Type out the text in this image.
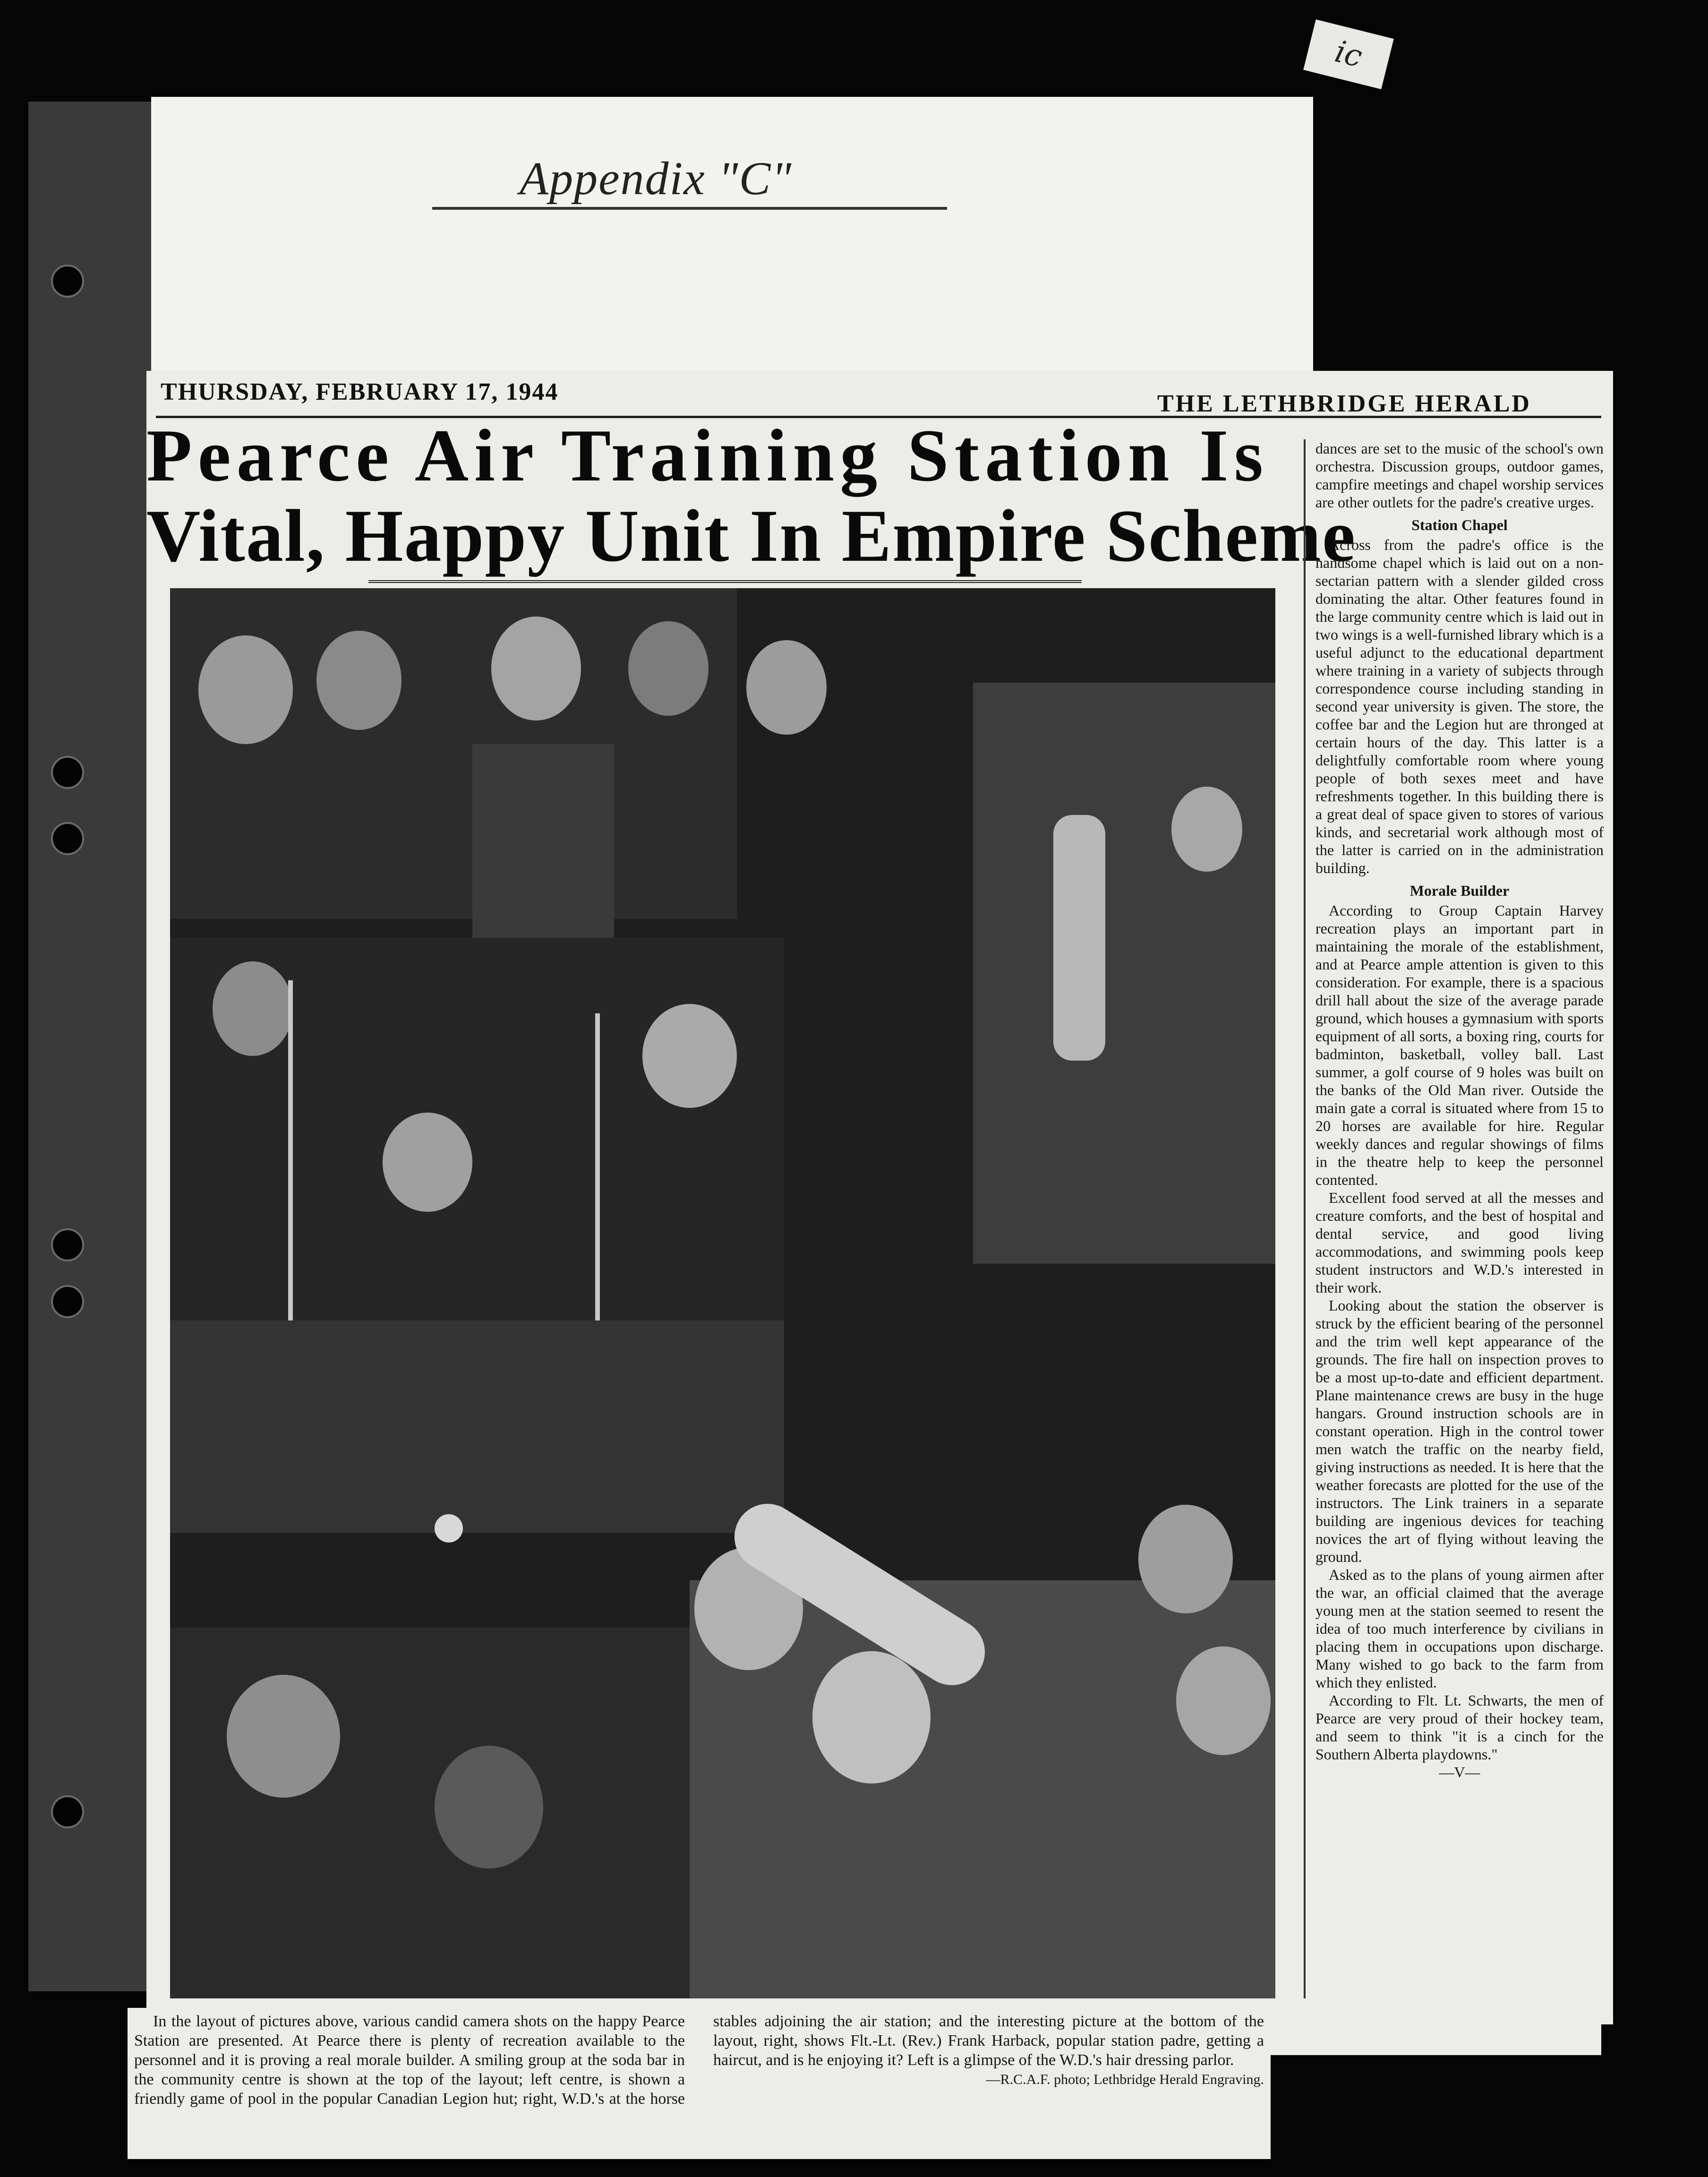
ic
Appendix "C"
THURSDAY, FEBRUARY 17, 1944	THE LETHBRIDGE HERALD
Pearce Air Training Station Is
Vital, Happy Unit In Empire Scheme

dances are set to the music of the school's own orchestra. Discussion groups, outdoor games, campfire meetings and chapel worship services are other outlets for the padre's creative urges.

Station Chapel

Across from the padre's office is the handsome chapel which is laid out on a non-sectarian pattern with a slender gilded cross dominating the altar. Other features found in the large community centre which is laid out in two wings is a well-furnished library which is a useful adjunct to the educational department where training in a variety of subjects through correspondence course including standing in second year university is given. The store, the coffee bar and the Legion hut are thronged at certain hours of the day. This latter is a delightfully comfortable room where young people of both sexes meet and have refreshments together. In this building there is a great deal of space given to stores of various kinds, and secretarial work although most of the latter is carried on in the administration building.

Morale Builder

According to Group Captain Harvey recreation plays an important part in maintaining the morale of the establishment, and at Pearce ample attention is given to this consideration. For example, there is a spacious drill hall about the size of the average parade ground, which houses a gymnasium with sports equipment of all sorts, a boxing ring, courts for badminton, basketball, volley ball. Last summer, a golf course of 9 holes was built on the banks of the Old Man river. Outside the main gate a corral is situated where from 15 to 20 horses are available for hire. Regular weekly dances and regular showings of films in the theatre help to keep the personnel contented.

Excellent food served at all the messes and creature comforts, and the best of hospital and dental service, and good living accommodations, and swimming pools keep student instructors and W.D.'s interested in their work.

Looking about the station the observer is struck by the efficient bearing of the personnel and the trim well kept appearance of the grounds. The fire hall on inspection proves to be a most up-to-date and efficient department. Plane maintenance crews are busy in the huge hangars. Ground instruction schools are in constant operation. High in the control tower men watch the traffic on the nearby field, giving instructions as needed. It is here that the weather forecasts are plotted for the use of the instructors. The Link trainers in a separate building are ingenious devices for teaching novices the art of flying without leaving the ground.

Asked as to the plans of young airmen after the war, an official claimed that the average young men at the station seemed to resent the idea of too much interference by civilians in placing them in occupations upon discharge. Many wished to go back to the farm from which they enlisted.

According to Flt. Lt. Schwarts, the men of Pearce are very proud of their hockey team, and seem to think "it is a cinch for the Southern Alberta playdowns."

—V—

In the layout of pictures above, various candid camera shots on the happy Pearce Station are presented. At Pearce there is plenty of recreation available to the personnel and it is proving a real morale builder. A smiling group at the soda bar in the community centre is shown at the top of the layout; left centre, is shown a friendly game of pool in the popular Canadian Legion hut; right, W.D.'s at the horse stables adjoining the air station; and the interesting picture at the bottom of the layout, right, shows Flt.-Lt. (Rev.) Frank Harback, popular station padre, getting a haircut, and is he enjoying it? Left is a glimpse of the W.D.'s hair dressing parlor.

—R.C.A.F. photo; Lethbridge Herald Engraving.
